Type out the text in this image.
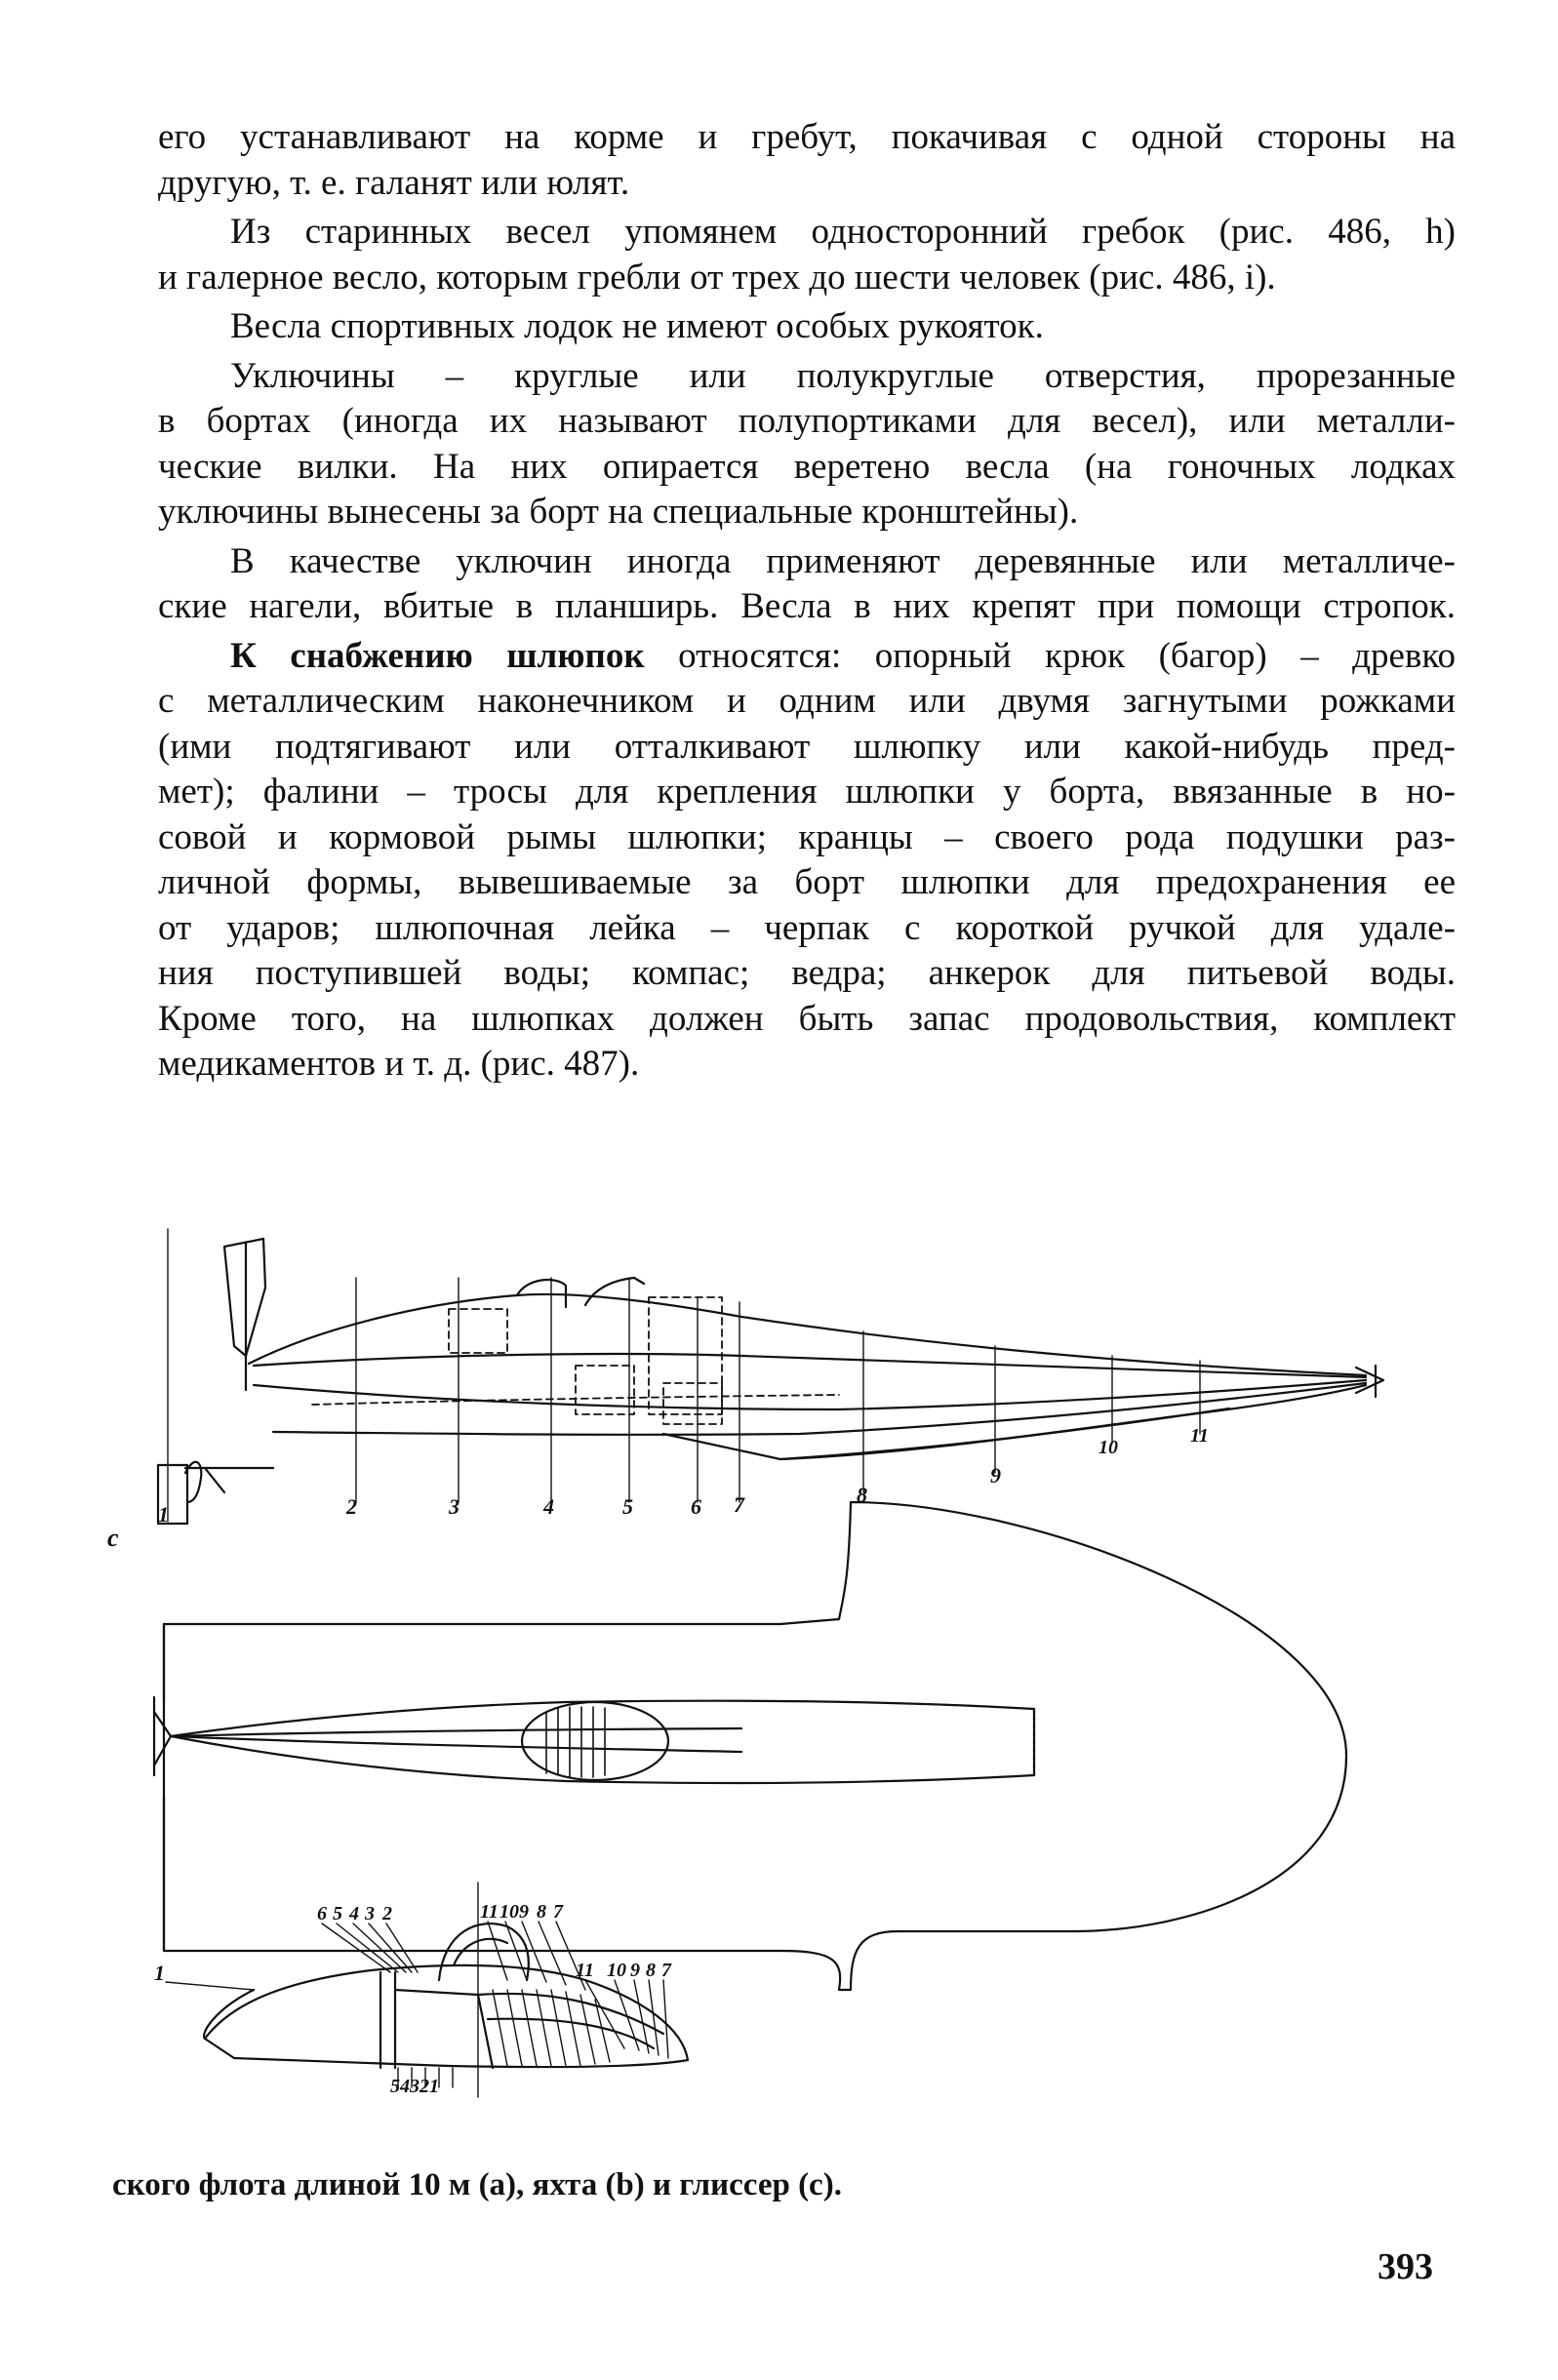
его устанавливают на корме и гребут, покачивая с одной стороны на

другую, т. е. галанят или юлят.

Из старинных весел упомянем односторонний гребок (рис. 486, h)

и галерное весло, которым гребли от трех до шести человек (рис. 486, i).

Весла спортивных лодок не имеют особых рукояток.

Уключины – круглые или полукруглые отверстия, прорезанные

в бортах (иногда их называют полупортиками для весел), или металли-

ческие вилки. На них опирается веретено весла (на гоночных лодках

уключины вынесены за борт на специальные кронштейны).

В качестве уключин иногда применяют деревянные или металличе-

ские нагели, вбитые в планширь. Весла в них крепят при помощи стропок.

К снабжению шлюпок относятся: опорный крюк (багор) – древко

с металлическим наконечником и одним или двумя загнутыми рожками

(ими подтягивают или отталкивают шлюпку или какой-нибудь пред-

мет); фалини – тросы для крепления шлюпки у борта, ввязанные в но-

совой и кормовой рымы шлюпки; кранцы – своего рода подушки раз-

личной формы, вывешиваемые за борт шлюпки для предохранения ее

от ударов; шлюпочная лейка – черпак с короткой ручкой для удале-

ния поступившей воды; компас; ведра; анкерок для питьевой воды.

Кроме того, на шлюпках должен быть запас продовольствия, комплект

медикаментов и т. д. (рис. 487).

1	2	3	4	5	6 7	8
9
10
11
c
1
6 5 4 3 2	11 10 9 8 7
11 10 9 8 7
54321
ского флота длиной 10 м (a), яхта (b) и глиссер (c).
393
